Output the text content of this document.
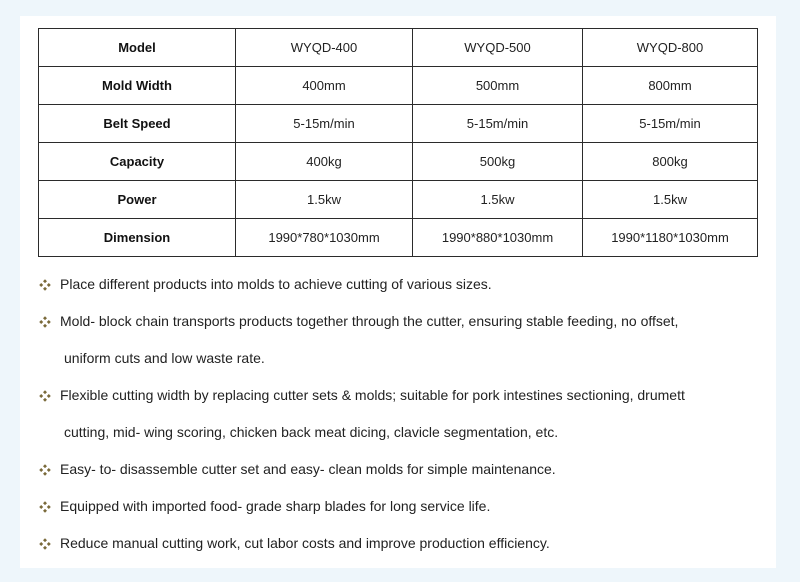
Model	WYQD-400	WYQD-500	WYQD-800
Mold Width	400mm	500mm	800mm
Belt Speed	5-15m/min	5-15m/min	5-15m/min
Capacity	400kg	500kg	800kg
Power	1.5kw	1.5kw	1.5kw
Dimension	1990*780*1030mm	1990*880*1030mm	1990*1180*1030mm
Place different products into molds to achieve cutting of various sizes.
Mold- block chain transports products together through the cutter, ensuring stable feeding, no offset,
uniform cuts and low waste rate.
Flexible cutting width by replacing cutter sets & molds; suitable for pork intestines sectioning, drumett
cutting, mid- wing scoring, chicken back meat dicing, clavicle segmentation, etc.
Easy- to- disassemble cutter set and easy- clean molds for simple maintenance.
Equipped with imported food- grade sharp blades for long service life.
Reduce manual cutting work, cut labor costs and improve production efficiency.
